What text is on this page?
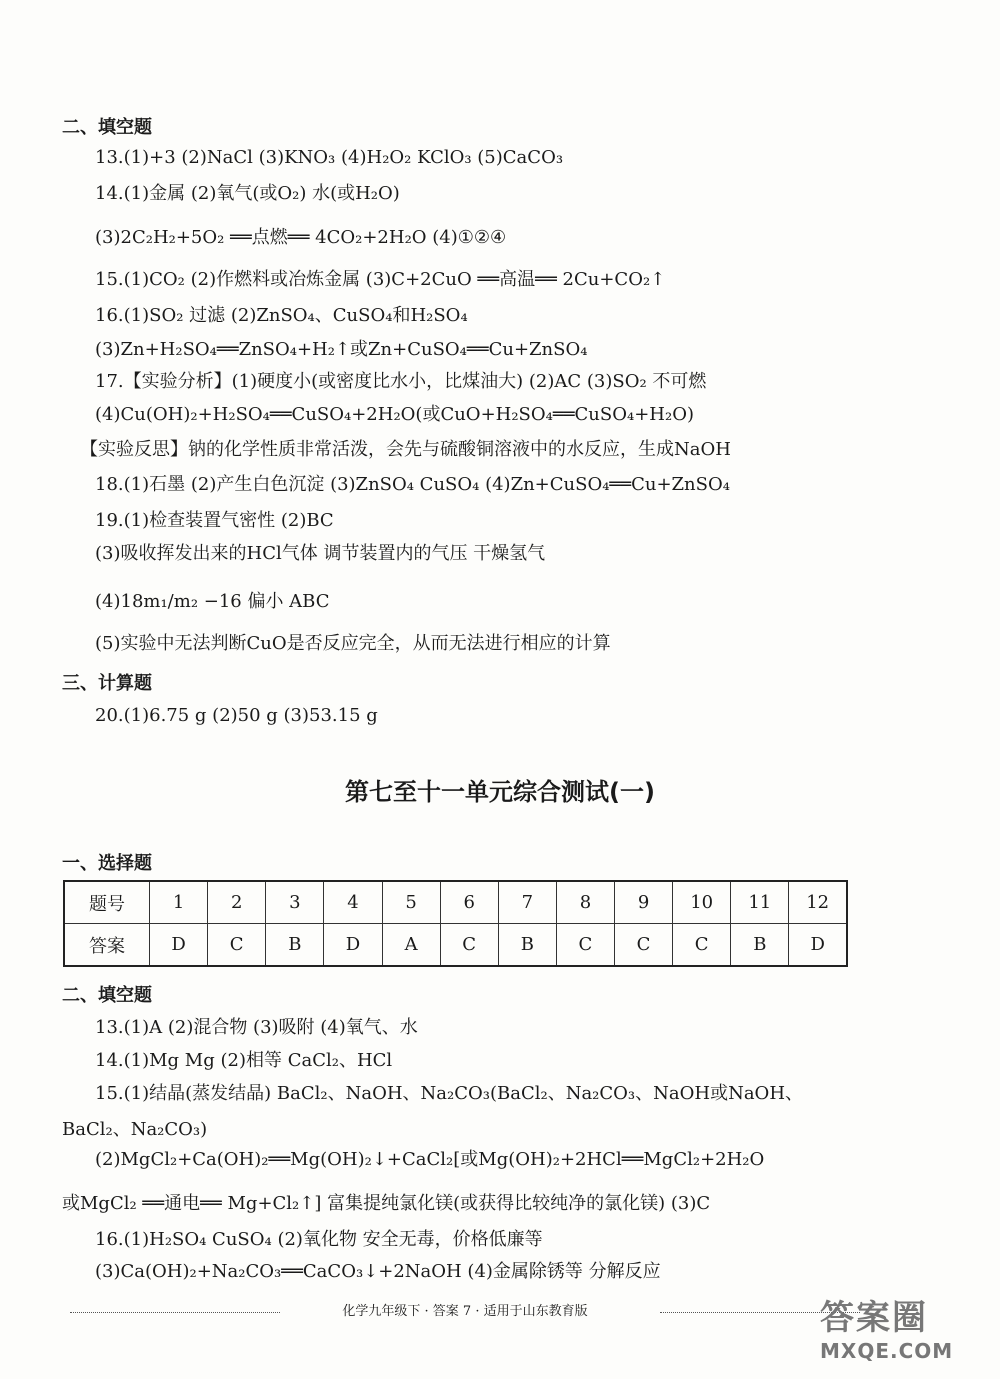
二、填空题
13.(1)+3 (2)NaCl (3)KNO₃ (4)H₂O₂ KClO₃ (5)CaCO₃
14.(1)金属 (2)氧气(或O₂) 水(或H₂O)
(3)2C₂H₂+5O₂ ══点燃══ 4CO₂+2H₂O (4)①②④
15.(1)CO₂ (2)作燃料或冶炼金属 (3)C+2CuO ══高温══ 2Cu+CO₂↑
16.(1)SO₂ 过滤 (2)ZnSO₄、CuSO₄和H₂SO₄
(3)Zn+H₂SO₄══ZnSO₄+H₂↑或Zn+CuSO₄══Cu+ZnSO₄
17.【实验分析】(1)硬度小(或密度比水小，比煤油大) (2)AC (3)SO₂ 不可燃
(4)Cu(OH)₂+H₂SO₄══CuSO₄+2H₂O(或CuO+H₂SO₄══CuSO₄+H₂O)
【实验反思】钠的化学性质非常活泼，会先与硫酸铜溶液中的水反应，生成NaOH
18.(1)石墨 (2)产生白色沉淀 (3)ZnSO₄ CuSO₄ (4)Zn+CuSO₄══Cu+ZnSO₄
19.(1)检查装置气密性 (2)BC
(3)吸收挥发出来的HCl气体 调节装置内的气压 干燥氢气
(4)18m₁/m₂ −16 偏小 ABC
(5)实验中无法判断CuO是否反应完全，从而无法进行相应的计算
三、计算题
20.(1)6.75 g (2)50 g (3)53.15 g
第七至十一单元综合测试(一)
一、选择题
题号	1	2	3	4	5	6	7	8	9	10	11	12
答案	D	C	B	D	A	C	B	C	C	C	B	D
二、填空题
13.(1)A (2)混合物 (3)吸附 (4)氧气、水
14.(1)Mg Mg (2)相等 CaCl₂、HCl
15.(1)结晶(蒸发结晶) BaCl₂、NaOH、Na₂CO₃(BaCl₂、Na₂CO₃、NaOH或NaOH、
BaCl₂、Na₂CO₃)
(2)MgCl₂+Ca(OH)₂══Mg(OH)₂↓+CaCl₂[或Mg(OH)₂+2HCl══MgCl₂+2H₂O
或MgCl₂ ══通电══ Mg+Cl₂↑] 富集提纯氯化镁(或获得比较纯净的氯化镁) (3)C
16.(1)H₂SO₄ CuSO₄ (2)氧化物 安全无毒，价格低廉等
(3)Ca(OH)₂+Na₂CO₃══CaCO₃↓+2NaOH (4)金属除锈等 分解反应
化学九年级下 · 答案 7 · 适用于山东教育版	答案圈
MXQE.COM
